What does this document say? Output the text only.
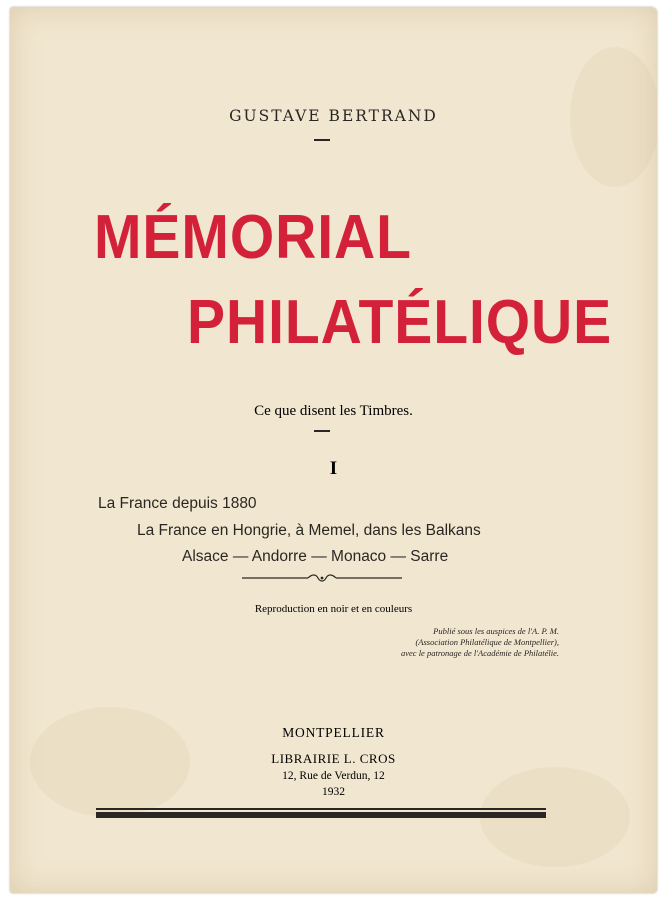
GUSTAVE BERTRAND

MÉMORIAL
PHILATÉLIQUE

Ce que disent les Timbres.

I

La France depuis 1880

La France en Hongrie, à Memel, dans les Balkans

Alsace — Andorre — Monaco — Sarre

Reproduction en noir et en couleurs

Publié sous les auspices de l'A. P. M.

(Association Philatélique de Montpellier),

avec le patronage de l'Académie de Philatélie.

MONTPELLIER

LIBRAIRIE L. CROS

12, Rue de Verdun, 12

1932
